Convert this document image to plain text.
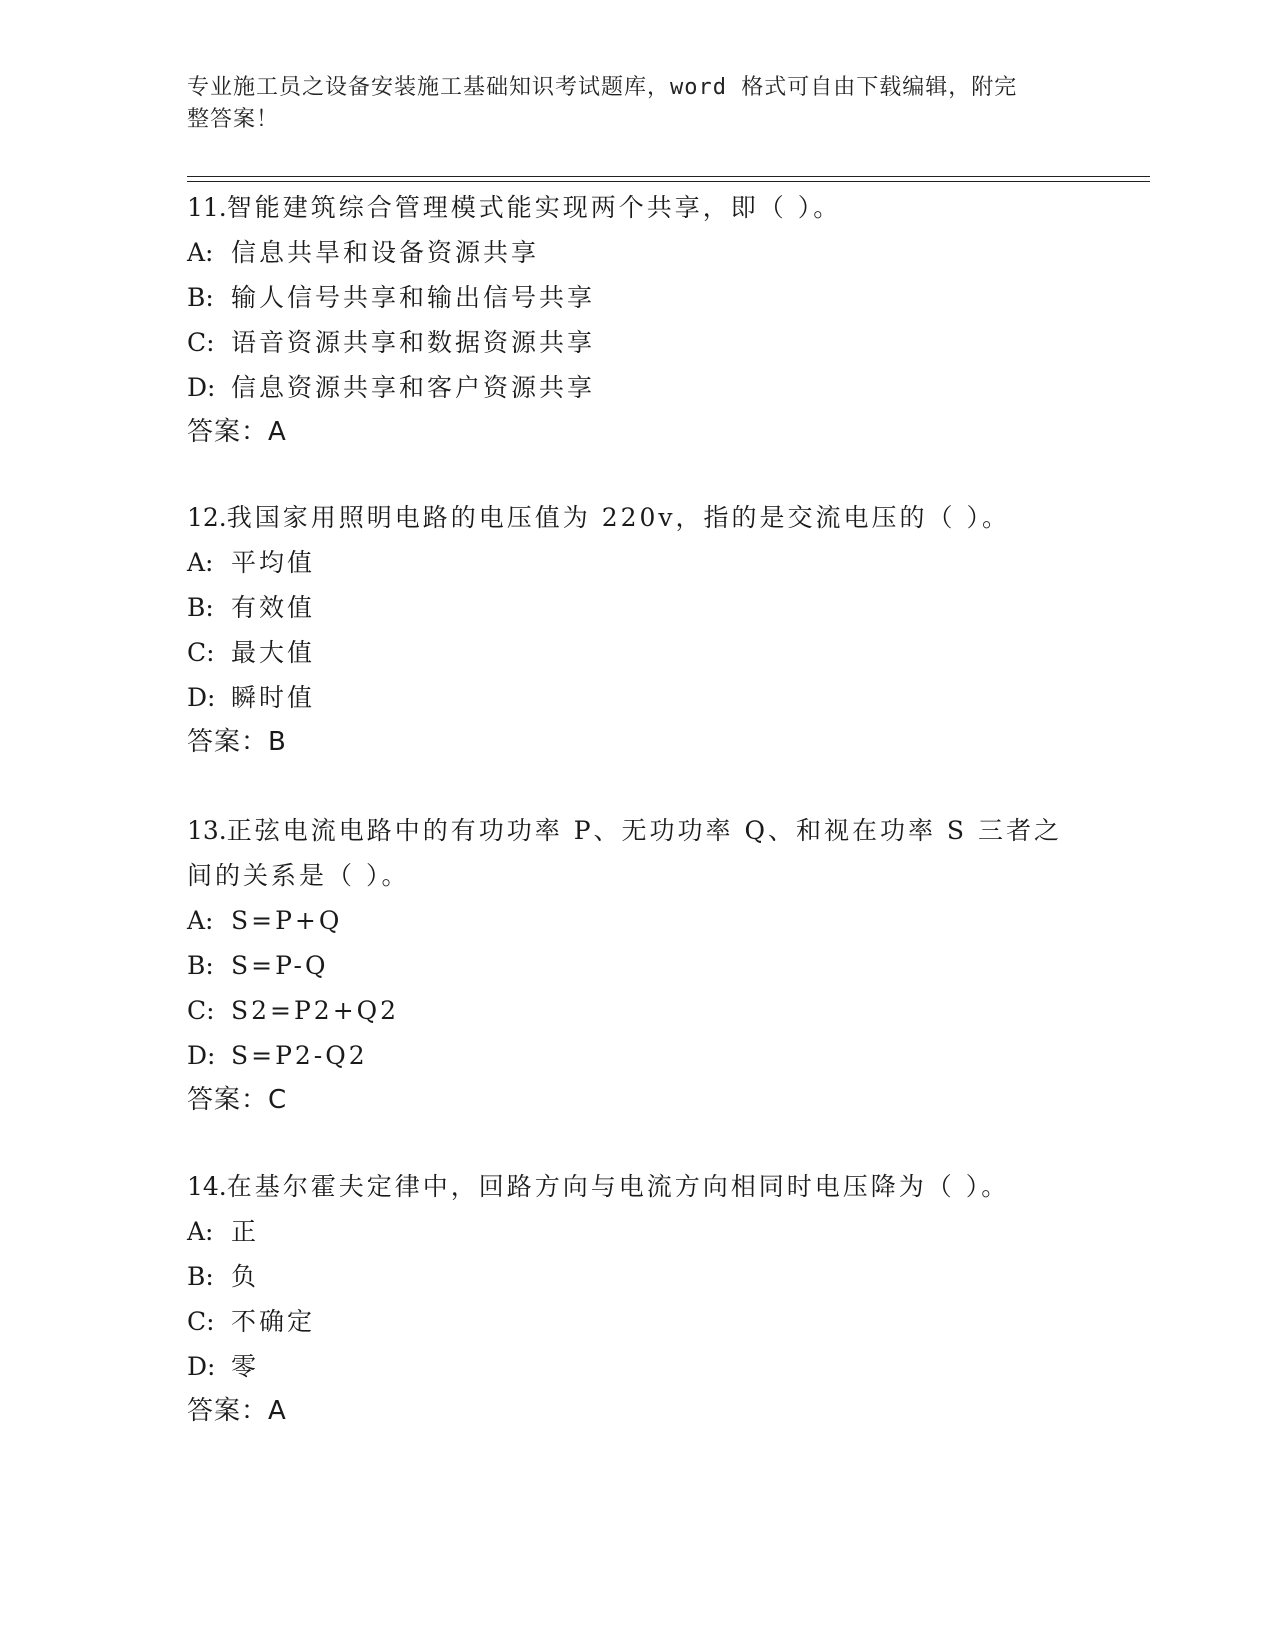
专业施工员之设备安装施工基础知识考试题库，word 格式可自由下载编辑，附完
整答案！

11.智能建筑综合管理模式能实现两个共享，即（ ）。

A: 信息共旱和设备资源共享

B: 输人信号共享和输出信号共享

C: 语音资源共享和数据资源共享

D: 信息资源共享和客户资源共享

答案：A

12.我国家用照明电路的电压值为 220v，指的是交流电压的（ ）。

A: 平均值

B: 有效值

C: 最大值

D: 瞬时值

答案：B

13.正弦电流电路中的有功功率 P、无功功率 Q、和视在功率 S 三者之

间的关系是（ ）。

A: S=P+Q

B: S=P-Q

C: S2=P2+Q2

D: S=P2-Q2

答案：C

14.在基尔霍夫定律中，回路方向与电流方向相同时电压降为（ ）。

A: 正

B: 负

C: 不确定

D: 零

答案：A
